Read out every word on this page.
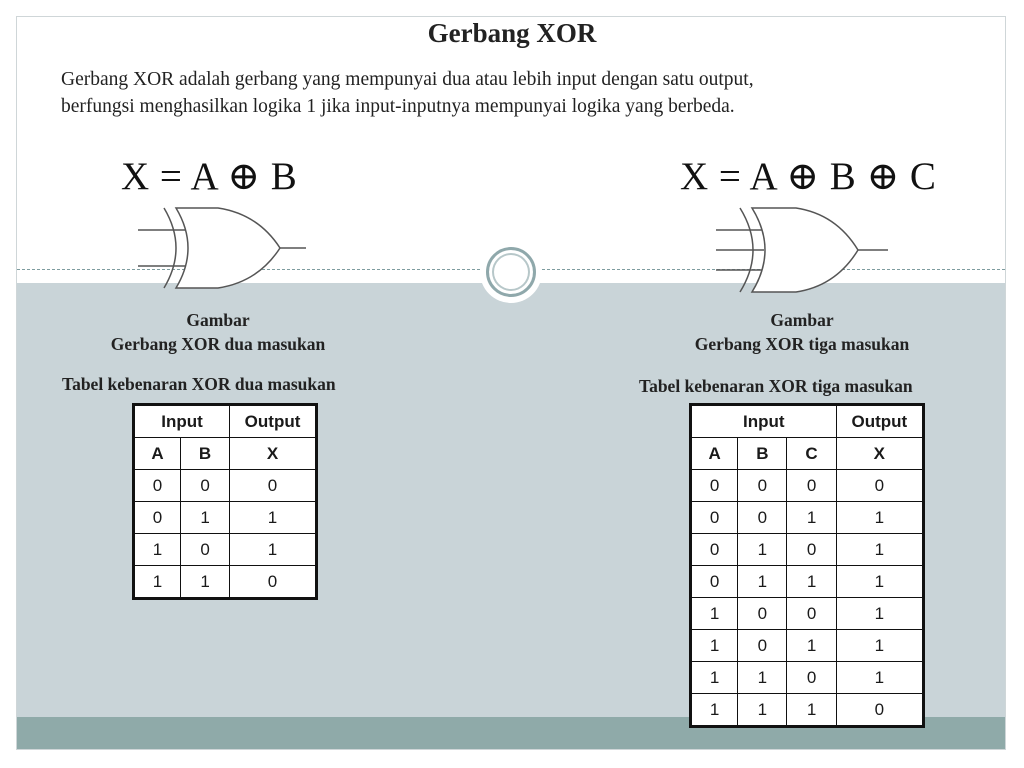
Gerbang XOR
Gerbang XOR adalah gerbang yang mempunyai dua atau lebih input dengan satu output,
berfungsi menghasilkan logika 1 jika input-inputnya mempunyai logika yang berbeda.
X = A ⊕ B	X = A ⊕ B ⊕ C
Gambar
Gerbang XOR dua masukan
Gambar
Gerbang XOR tiga masukan
Tabel kebenaran XOR dua masukan	Tabel kebenaran XOR tiga masukan
Input		Output
A	B	X
0	0	0
0	1	1
1	0	1
1	1	0
Input			Output
A	B	C	X
0	0	0	0
0	0	1	1
0	1	0	1
0	1	1	1
1	0	0	1
1	0	1	1
1	1	0	1
1	1	1	0
